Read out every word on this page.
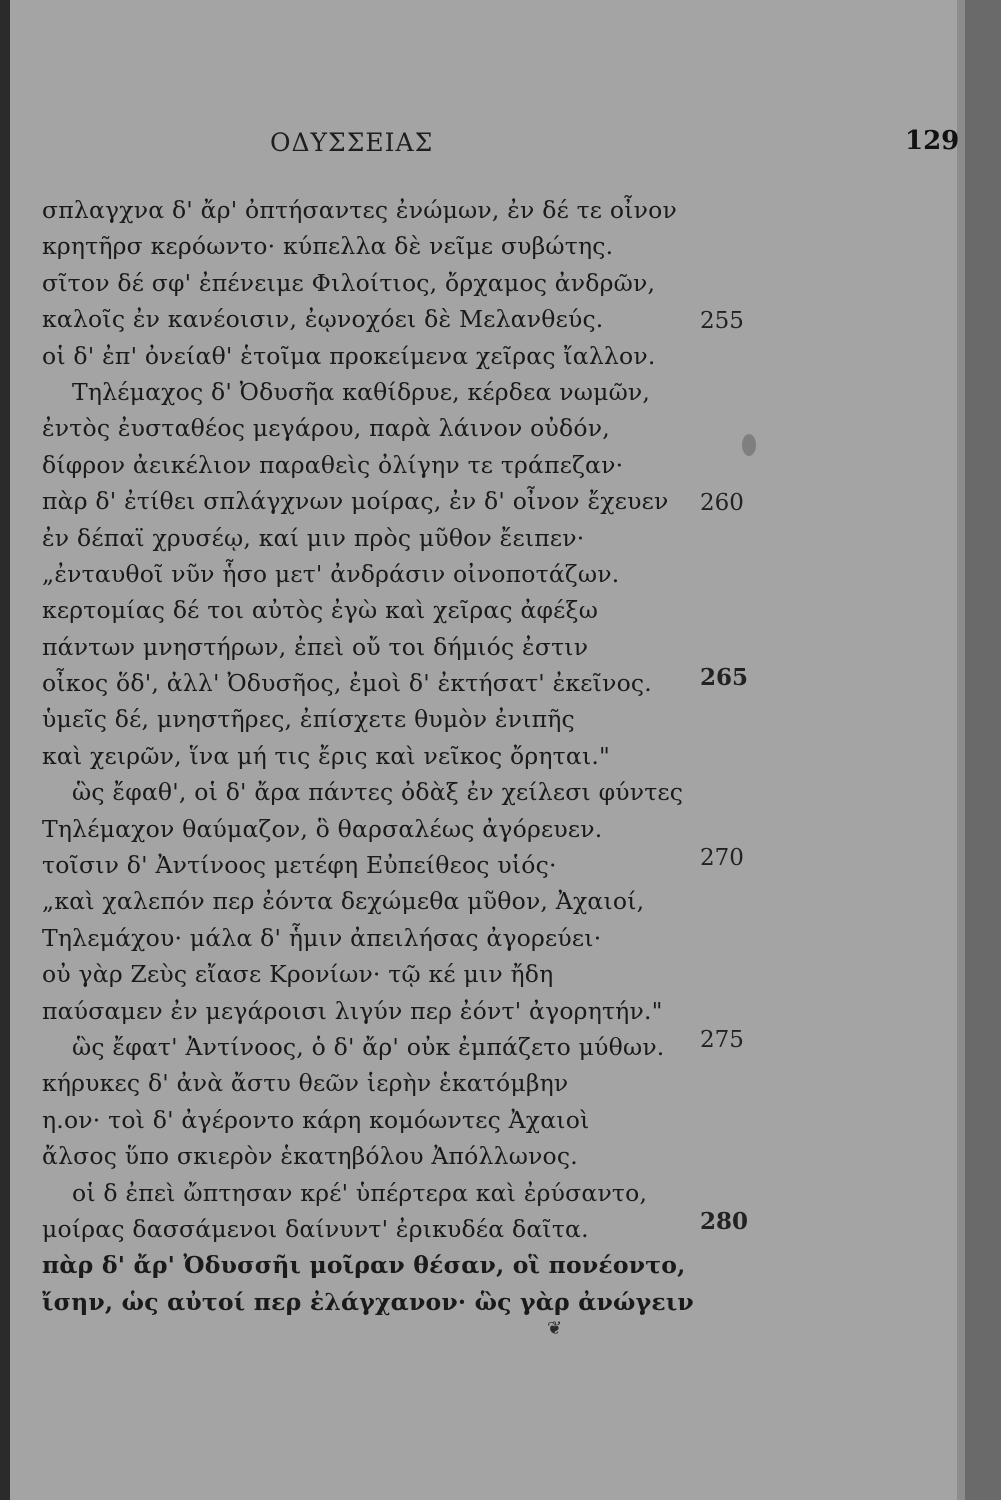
ΟΔΥΣΣΕΙΑΣ	129
σπλαγχνα δ' ἄρ' ὀπτήσαντες ἐνώμων, ἐν δέ τε οἶνον
κρητῆρσ κερόωντο· κύπελλα δὲ νεῖμε συβώτης.
σῖτον δέ σφ' ἐπένειμε Φιλοίτιος, ὄρχαμος ἀνδρῶν,
καλοῖς ἐν κανέοισιν, ἐῳνοχόει δὲ Μελανθεύς.
οἱ δ' ἐπ' ὀνείαθ' ἑτοῖμα προκείμενα χεῖρας ἴαλλον.
Τηλέμαχος δ' Ὀδυσῆα καθίδρυε, κέρδεα νωμῶν,
ἐντὸς ἐυσταθέος μεγάρου, παρὰ λάινον οὐδόν,
δίφρον ἀεικέλιον παραθεὶς ὀλίγην τε τράπεζαν·
πὰρ δ' ἐτίθει σπλάγχνων μοίρας, ἐν δ' οἶνον ἔχευεν
ἐν δέπαϊ χρυσέῳ, καί μιν πρὸς μῦθον ἔειπεν·
„ἐνταυθοῖ νῦν ἧσο μετ' ἀνδράσιν οἰνοποτάζων.
κερτομίας δέ τοι αὐτὸς ἐγὼ καὶ χεῖρας ἀφέξω
πάντων μνηστήρων, ἐπεὶ οὔ τοι δήμιός ἐστιν
οἶκος ὅδ', ἀλλ' Ὀδυσῆος, ἐμοὶ δ' ἐκτήσατ' ἐκεῖνος.
ὑμεῖς δέ, μνηστῆρες, ἐπίσχετε θυμὸν ἐνιπῆς
καὶ χειρῶν, ἵνα μή τις ἔρις καὶ νεῖκος ὄρηται."
ὣς ἔφαθ', οἱ δ' ἄρα πάντες ὀδὰξ ἐν χείλεσι φύντες
Τηλέμαχον θαύμαζον, ὃ θαρσαλέως ἀγόρευεν.
τοῖσιν δ' Ἀντίνοος μετέφη Εὐπείθεος υἱός·
„καὶ χαλεπόν περ ἐόντα δεχώμεθα μῦθον, Ἀχαιοί,
Τηλεμάχου· μάλα δ' ἧμιν ἀπειλήσας ἀγορεύει·
οὐ γὰρ Ζεὺς εἴασε Κρονίων· τῷ κέ μιν ἤδη
παύσαμεν ἐν μεγάροισι λιγύν περ ἐόντ' ἀγορητήν."
ὣς ἔφατ' Ἀντίνοος, ὁ δ' ἄρ' οὐκ ἐμπάζετο μύθων.
κήρυκες δ' ἀνὰ ἄστυ θεῶν ἱερὴν ἑκατόμβην
η.ον· τοὶ δ' ἀγέροντο κάρη κομόωντες Ἀχαιοὶ
ἄλσος ὕπο σκιερὸν ἑκατηβόλου Ἀπόλλωνος.
οἱ δ ἐπεὶ ὤπτησαν κρέ' ὑπέρτερα καὶ ἐρύσαντο,
μοίρας δασσάμενοι δαίνυντ' ἐρικυδέα δαῖτα.
πὰρ δ' ἄρ' Ὀδυσσῆι μοῖραν θέσαν, οἳ πονέοντο,
ἴσην, ὡς αὐτοί περ ἐλάγχανον· ὣς γὰρ ἀνώγειν
255
260
265
270
275
280
❦
